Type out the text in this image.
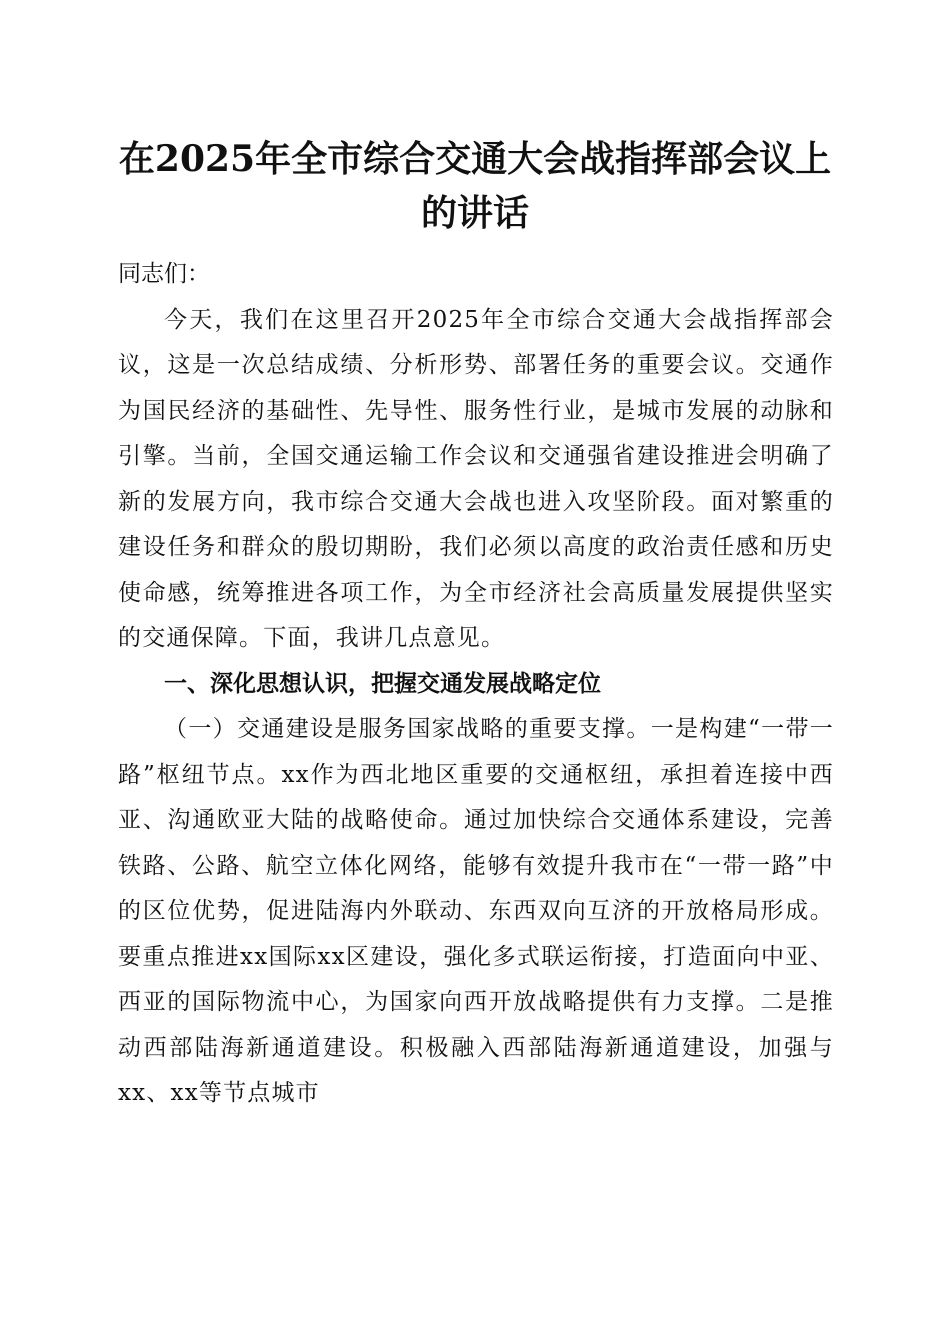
在2025年全市综合交通大会战指挥部会议上的讲话

同志们：

今天，我们在这里召开2025年全市综合交通大会战指挥部会议，这是一次总结成绩、分析形势、部署任务的重要会议。交通作为国民经济的基础性、先导性、服务性行业，是城市发展的动脉和引擎。当前，全国交通运输工作会议和交通强省建设推进会明确了新的发展方向，我市综合交通大会战也进入攻坚阶段。面对繁重的建设任务和群众的殷切期盼，我们必须以高度的政治责任感和历史使命感，统筹推进各项工作，为全市经济社会高质量发展提供坚实的交通保障。下面，我讲几点意见。

一、深化思想认识，把握交通发展战略定位

（一）交通建设是服务国家战略的重要支撑。一是构建“一带一路”枢纽节点。xx作为西北地区重要的交通枢纽，承担着连接中西亚、沟通欧亚大陆的战略使命。通过加快综合交通体系建设，完善铁路、公路、航空立体化网络，能够有效提升我市在“一带一路”中的区位优势，促进陆海内外联动、东西双向互济的开放格局形成。要重点推进xx国际xx区建设，强化多式联运衔接，打造面向中亚、西亚的国际物流中心，为国家向西开放战略提供有力支撑。二是推动西部陆海新通道建设。积极融入西部陆海新通道建设，加强与xx、xx等节点城市
